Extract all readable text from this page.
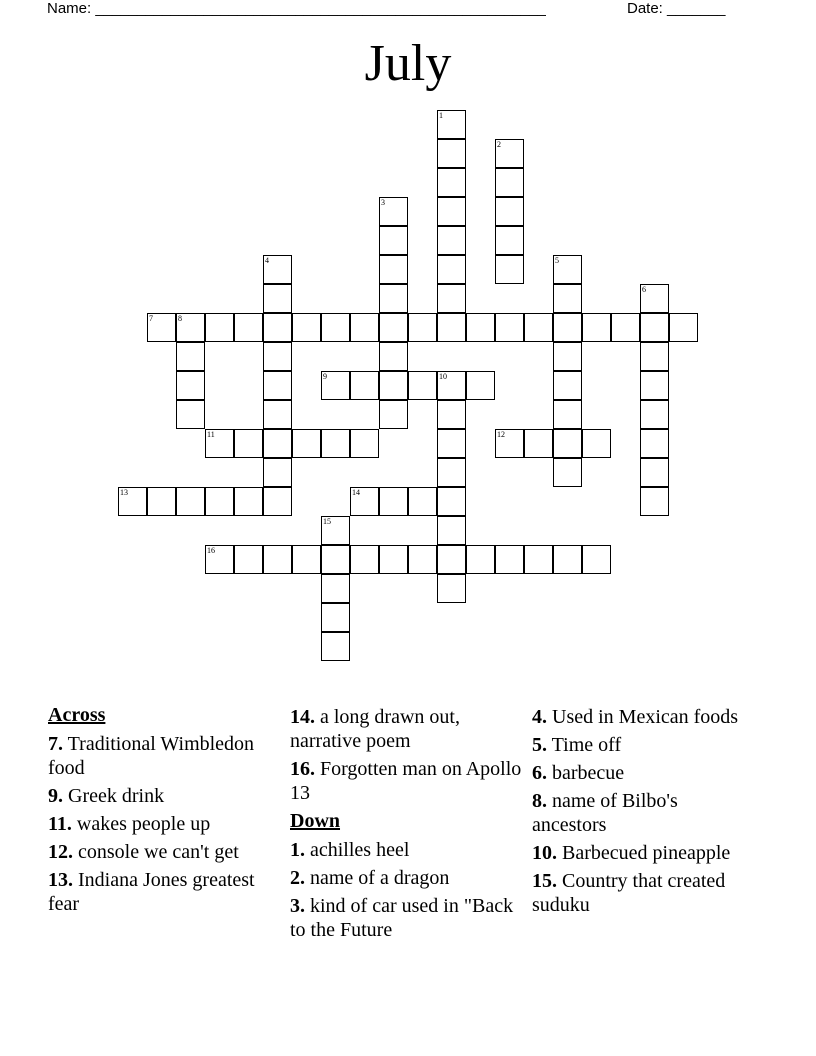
Name: ______________________________________________________	Date: _______
July
1
2
3
4	5
6
7	8
9	10
11	12
13	14
15
16
Across
7. Traditional Wimbledon food
9. Greek drink
11. wakes people up
12. console we can't get
13. Indiana Jones greatest fear
14. a long drawn out, narrative poem
16. Forgotten man on Apollo 13
Down
1. achilles heel
2. name of a dragon
3. kind of car used in "Back to the Future
4. Used in Mexican foods
5. Time off
6. barbecue
8. name of Bilbo's ancestors
10. Barbecued pineapple
15. Country that created suduku
